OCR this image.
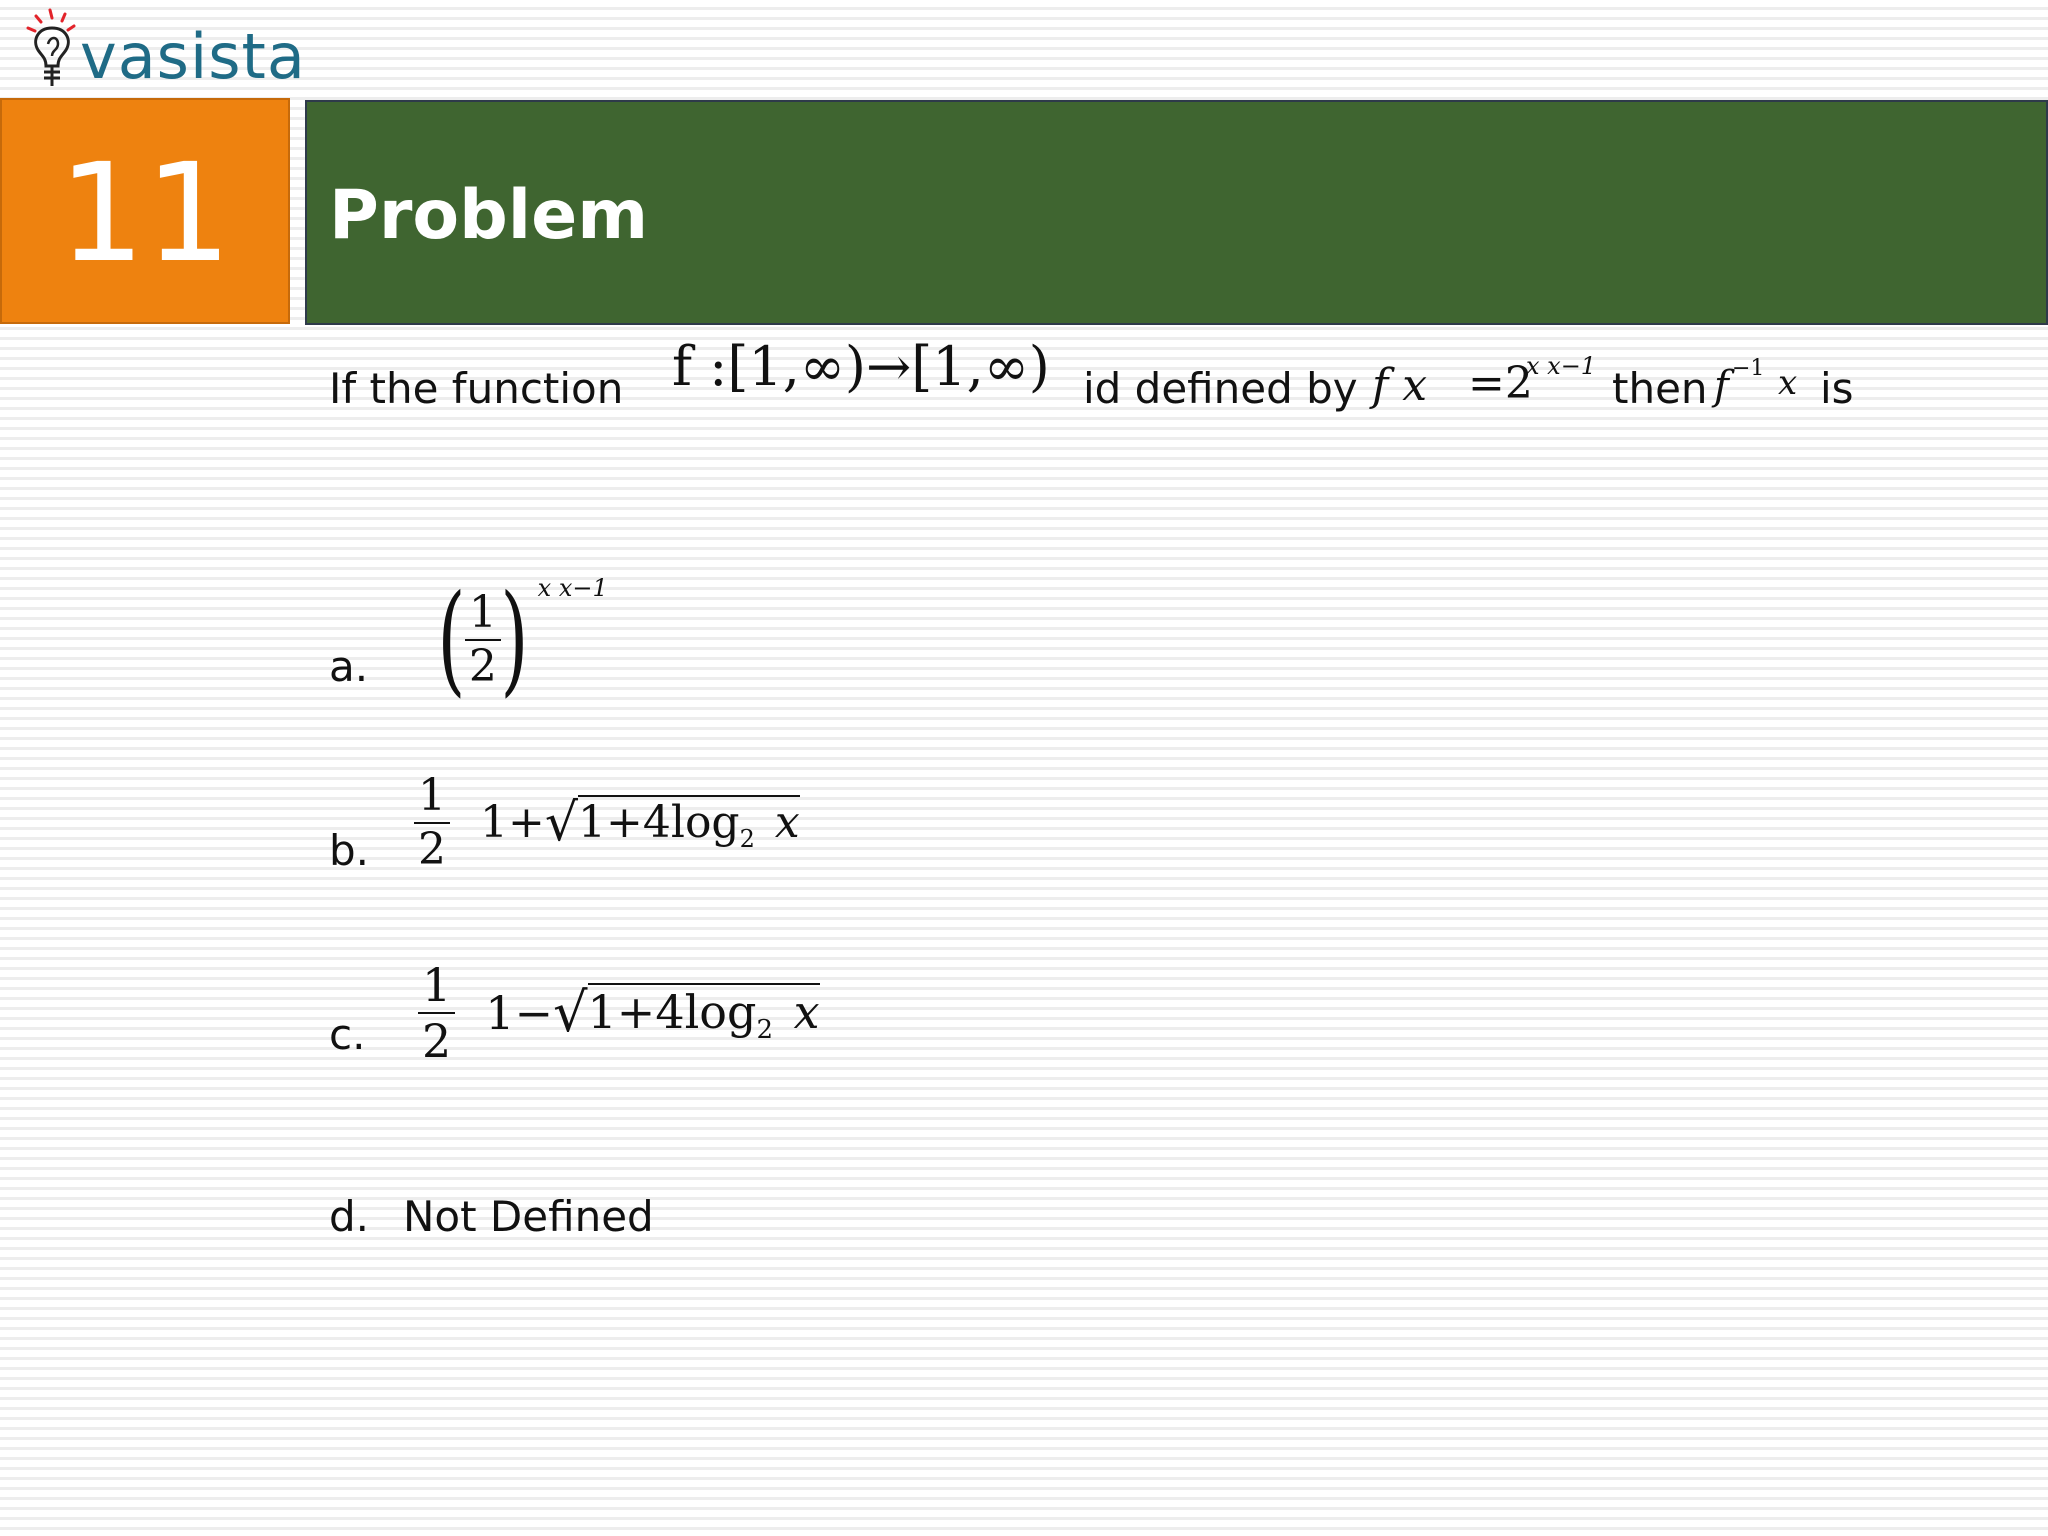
vasista
11 Problem
If the function f :[1,∞)→[1,∞) id defined by f x =2
x x−1 then f −1 x is
a. ( $\frac{1}{2}$ ) x x−1
b. $\frac{1}{2} 1+$ √ $1+4\log_2$ x
c. $\frac{1}{2} 1-$ √ $1+4\log_2$ x
d. Not Defined
